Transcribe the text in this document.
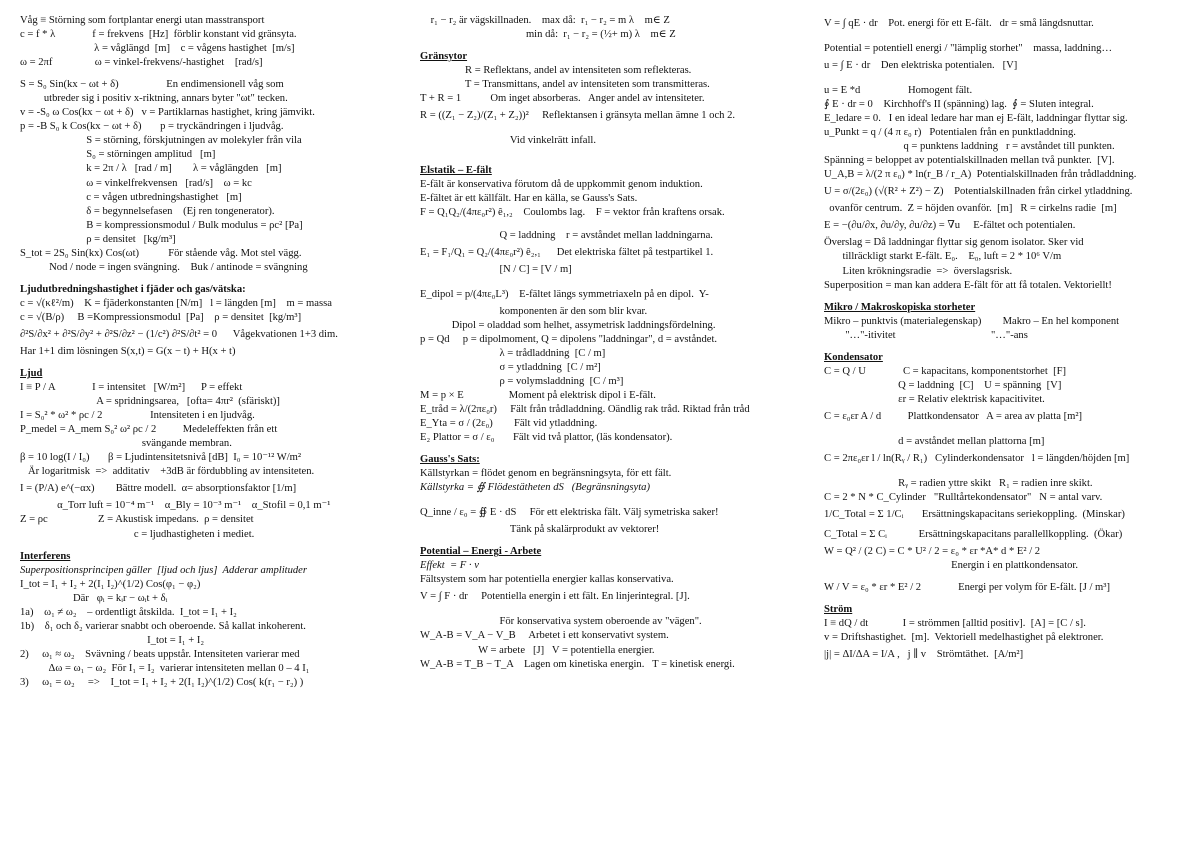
Våg ≡ Störning som fortplantar energi utan masstransport
c = f * λ              f = frekvens  [Hz]  förblir konstant vid gränsyta.
λ = våglängd  [m]    c = vågens hastighet  [m/s]
ω = 2πf                ω = vinkel-frekvens/-hastighet    [rad/s]
S = S₀ Sin(kx − ωt + δ)                  En endimensionell våg som
utbreder sig i positiv x-riktning, annars byter "ωt" tecken.
v = -S₀ ω Cos(kx − ωt + δ)   v = Partiklarnas hastighet, kring jämvikt.
p = -B S₀ k Cos(kx − ωt + δ)       p = tryckändringen i ljudvåg.
S = störning, förskjutningen av molekyler från vila
S₀ = störningen amplitud   [m]
k = 2π / λ   [rad / m]        λ = våglängden   [m]
ω = vinkelfrekvensen   [rad/s]    ω = kc
c = vågen utbredningshastighet   [m]
δ = begynnelsefasen    (Ej ren tongenerator).
B = kompressionsmodul / Bulk modulus = ρc² [Pa]
ρ = densitet   [kg/m³]
S_tot = 2S₀ Sin(kx) Cos(ωt)           För stående våg. Mot stel vägg.
Nod / node = ingen svängning.    Buk / antinode = svängning
Ljudutbredningshastighet i fjäder och gas/vätska:
c = √(κℓ²/m)    K = fjäderkonstanten [N/m]   l = längden [m]    m = massa
c = √(B/ρ)     B =Kompressionsmodul  [Pa]    ρ = densitet  [kg/m³]
∂²S/∂x² + ∂²S/∂y² + ∂²S/∂z² − (1/c²) ∂²S/∂t² = 0      Vågekvationen 1+3 dim.
Har 1+1 dim lösningen S(x,t) = G(x − t) + H(x + t)
Ljud
I ≡ P / A              I = intensitet   [W/m²]      P = effekt
A = spridningsarea,   [ofta= 4πr²  (sfäriskt)]
I = S₀² * ω² * ρc / 2                  Intensiteten i en ljudvåg.
P_medel = A_mem S₀² ω² ρc / 2          Medeleffekten från ett
svängande membran.
β = 10 log(I / I₀)       β = Ljudintensitetsnivå [dB]  I₀ = 10⁻¹² W/m²
Är logaritmisk  =>  additativ    +3dB är fördubbling av intensiteten.
I = (P/A) e^(−αx)        Bättre modell.  α= absorptionsfaktor [1/m]
α_Torr luft = 10⁻⁴ m⁻¹    α_Bly = 10⁻³ m⁻¹    α_Stofil = 0,1 m⁻¹
Z = ρc                   Z = Akustisk impedans.  ρ = densitet
c = ljudhastigheten i mediet.
Interferens
Superpositionsprincipen gäller  [ljud och ljus]  Adderar amplituder
I_tot = I₁ + I₂ + 2(I₁ I₂)^(1/2) Cos(φ₁ − φ₂)
Där   φᵢ = kᵢr − ωᵢt + δᵢ
1a)    ω₁ ≠ ω₂    – ordentligt åtskilda.  I_tot = I₁ + I₂
1b)    δ₁ och δ₂ varierar snabbt och oberoende. Så kallat inkoherent.
I_tot = I₁ + I₂
2)     ω₁ ≈ ω₂    Svävning / beats uppstår. Intensiteten varierar med
Δω = ω₁ − ω₂  För I₁ = I₂  varierar intensiteten mellan 0 – 4 I₁
3)     ω₁ = ω₂     =>    I_tot = I₁ + I₂ + 2(I₁ I₂)^(1/2) Cos( k(r₁ − r₂) )
r₁ − r₂ är vägskillnaden.    max då:  r₁ − r₂ = m λ    m∈ Z
min då:  r₁ − r₂ = (½+ m) λ    m∈ Z
Gränsytor
R = Reflektans, andel av intensiteten som reflekteras.
T = Transmittans, andel av intensiteten som transmitteras.
T + R = 1           Om inget absorberas.   Anger andel av intensiteter.
R = ((Z₁ − Z₂)/(Z₁ + Z₂))²     Reflektansen i gränsyta mellan ämne 1 och 2.
Vid vinkelrätt infall.
Elstatik – E-fält
E-fält är konservativa förutom då de uppkommit genom induktion.
E-fältet är ett källfält. Har en källa, se Gauss's Sats.
F = Q₁Q₂/(4πε₀r²) ê₁,₂    Coulombs lag.    F = vektor från kraftens orsak.
Q = laddning    r = avståndet mellan laddningarna.
E₁ = F₁/Q₁ = Q₂/(4πε₀r²) ê₂,₁      Det elektriska fältet på testpartikel 1.
[N / C] = [V / m]
E_dipol = p/(4πε₀L³)    E-fältet längs symmetriaxeln på en dipol.  Y-
komponenten är den som blir kvar.
Dipol = oladdad som helhet, assymetrisk laddningsfördelning.
p = Qd     p = dipolmoment, Q = dipolens "laddningar", d = avståndet.
λ = trådladdning  [C / m]
σ = ytladdning  [C / m²]
ρ = volymsladdning  [C / m³]
M = p × E                 Moment på elektrisk dipol i E-fält.
E_tråd = λ/(2πε₀r)     Fält från trådladdning. Oändlig rak tråd. Riktad från tråd
E_Yta = σ / (2ε₀)        Fält vid ytladdning.
E₂ Plattor = σ / ε₀       Fält vid två plattor, (läs kondensator).
Gauss's Sats:
Källstyrkan = flödet genom en begränsningsyta, för ett fält.
Källstyrka = ∯ Flödestätheten dS   (Begränsningsyta)
Q_inne / ε₀ = ∯ E · dS     För ett elektriska fält. Välj symetriska saker!
Tänk på skalärprodukt av vektorer!
Potential – Energi - Arbete
Effekt  = F · v
Fältsystem som har potentiella energier kallas konservativa.
V = ∫ F · dr     Potentiella energin i ett fält. En linjerintegral. [J].
För konservativa system oberoende av "vägen".
W_A-B = V_A − V_B     Arbetet i ett konservativt system.
W = arbete   [J]   V = potentiella energier.
W_A-B = T_B − T_A    Lagen om kinetiska energin.   T = kinetisk energi.
V = ∫ qE · dr    Pot. energi för ett E-fält.   dr = små längdsnuttar.
Potential = potentiell energi / "lämplig storhet"    massa, laddning…
u = ∫ E · dr    Den elektriska potentialen.   [V]
u = E *d                  Homogent fält.
∮ E · dr = 0    Kirchhoff's II (spänning) lag.  ∮ = Sluten integral.
E_ledare = 0.   I en ideal ledare har man ej E-fält, laddningar flyttar sig.
u_Punkt = q / (4 π ε₀ r)   Potentialen från en punktladdning.
q = punktens laddning   r = avståndet till punkten.
Spänning = beloppet av potentialskillnaden mellan två punkter.  [V].
U_A,B = λ/(2 π ε₀) * ln(r_B / r_A)  Potentialskillnaden från trådladdning.
U = σ/(2ε₀) (√(R² + Z²) − Z)    Potentialskillnaden från cirkel ytladdning.
ovanför centrum.  Z = höjden ovanför.  [m]   R = cirkelns radie  [m]
E = −(∂u/∂x, ∂u/∂y, ∂u/∂z) = ∇u     E-fältet och potentialen.
Överslag = Då laddningar flyttar sig genom isolator. Sker vid
tillräckligt starkt E-fält. E₀.    E₀, luft = 2 * 10⁶ V/m
Liten krökningsradie  =>  överslagsrisk.
Superposition = man kan addera E-fält för att få totalen. Vektoriellt!
Mikro / Makroskopiska storheter
Mikro – punktvis (materialegenskap)        Makro – En hel komponent
"…"-itivitet                                    "…"-ans
Kondensator
C = Q / U              C = kapacitans, komponentstorhet  [F]
Q = laddning  [C]    U = spänning  [V]
εr = Relativ elektrisk kapacitivitet.
C = ε₀εr A / d          Plattkondensator   A = area av platta [m²]
d = avståndet mellan plattorna [m]
C = 2πε₀εr l / ln(Rᵧ / R₁)   Cylinderkondensator   l = längden/höjden [m]
Rᵧ = radien yttre skikt   R₁ = radien inre skikt.
C = 2 * N * C_Cylinder   "Rulltårtekondensator"   N = antal varv.
1/C_Total = Σ 1/Cᵢ       Ersättningskapacitans seriekoppling.  (Minskar)
C_Total = Σ Cᵢ            Ersättningskapacitans parallellkoppling.  (Ökar)
W = Q² / (2 C) = C * U² / 2 = ε₀ * εr *A* d * E² / 2
Energin i en plattkondensator.
W / V = ε₀ * εr * E² / 2              Energi per volym för E-fält. [J / m³]
Ström
I ≡ dQ / dt             I = strömmen [alltid positiv].  [A] = [C / s].
v = Driftshastighet.  [m].  Vektoriell medelhastighet på elektroner.
|j| = ΔI/ΔA = I/A ,   j ∥ v    Strömtäthet.  [A/m²]
